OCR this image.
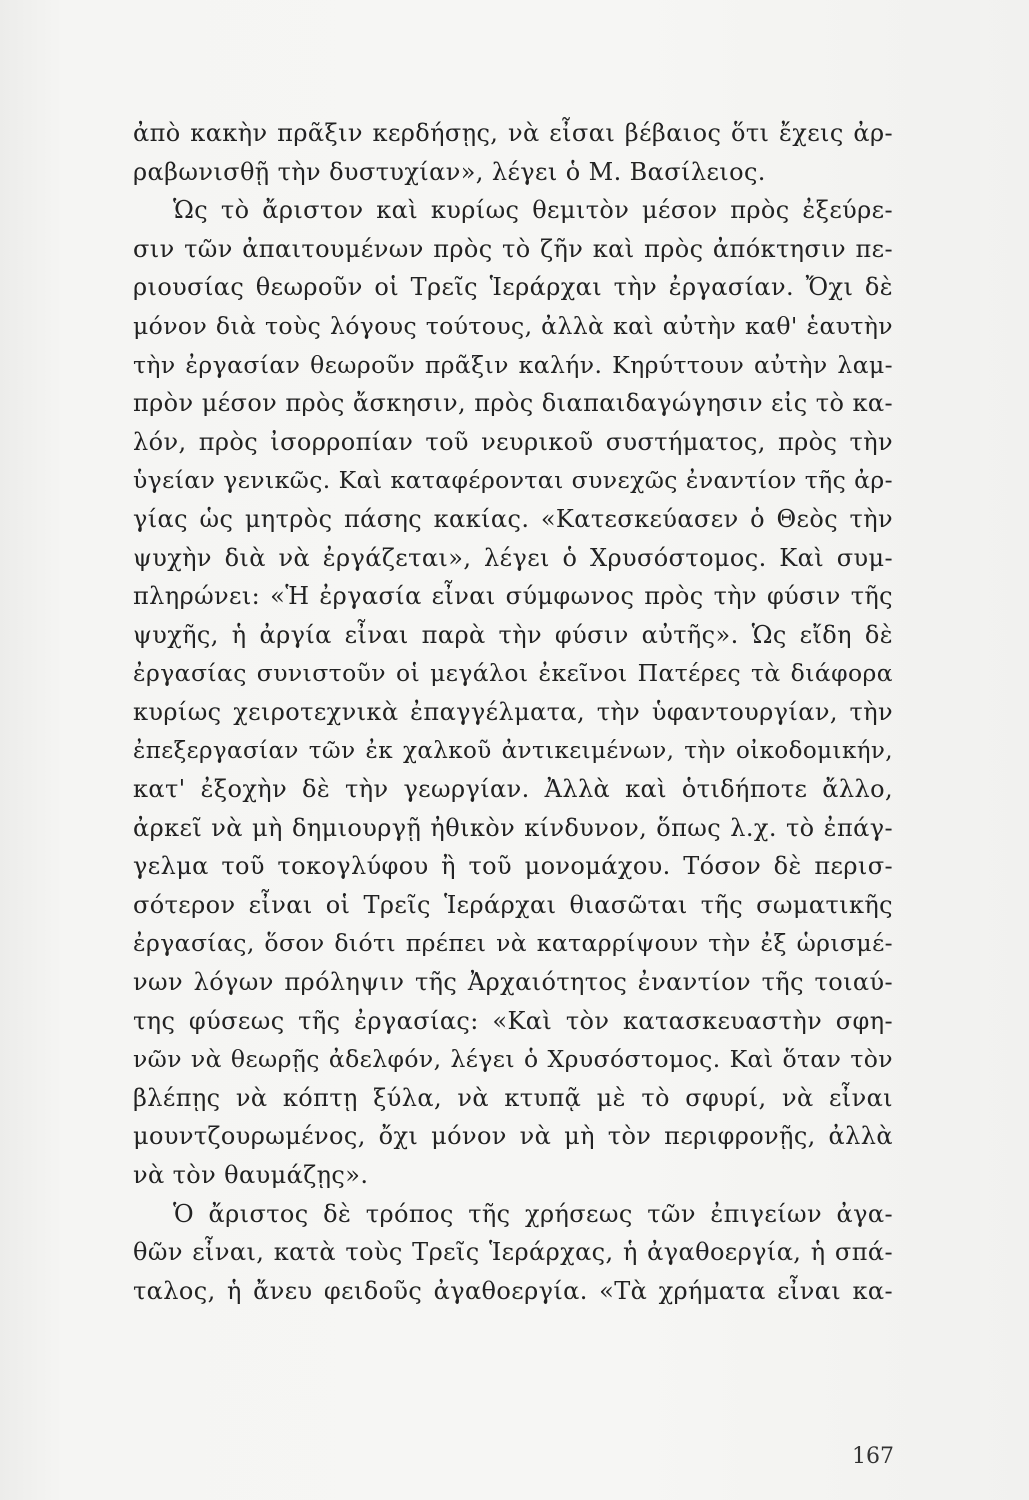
ἀπὸ κακὴν πρᾶξιν κερδήσῃς, νὰ εἶσαι βέβαιος ὅτι ἔχεις ἀρ-
ραβωνισθῇ τὴν δυστυχίαν», λέγει ὁ Μ. Βασίλειος.
Ὡς τὸ ἄριστον καὶ κυρίως θεμιτὸν μέσον πρὸς ἐξεύρε-
σιν τῶν ἀπαιτουμένων πρὸς τὸ ζῆν καὶ πρὸς ἀπόκτησιν πε-
ριουσίας θεωροῦν οἱ Τρεῖς Ἱεράρχαι τὴν ἐργασίαν. Ὄχι δὲ
μόνον διὰ τοὺς λόγους τούτους, ἀλλὰ καὶ αὐτὴν καθ' ἑαυτὴν
τὴν ἐργασίαν θεωροῦν πρᾶξιν καλήν. Κηρύττουν αὐτὴν λαμ-
πρὸν μέσον πρὸς ἄσκησιν, πρὸς διαπαιδαγώγησιν εἰς τὸ κα-
λόν, πρὸς ἰσορροπίαν τοῦ νευρικοῦ συστήματος, πρὸς τὴν
ὑγείαν γενικῶς. Καὶ καταφέρονται συνεχῶς ἐναντίον τῆς ἀρ-
γίας ὡς μητρὸς πάσης κακίας. «Κατεσκεύασεν ὁ Θεὸς τὴν
ψυχὴν διὰ νὰ ἐργάζεται», λέγει ὁ Χρυσόστομος. Καὶ συμ-
πληρώνει: «Ἡ ἐργασία εἶναι σύμφωνος πρὸς τὴν φύσιν τῆς
ψυχῆς, ἡ ἀργία εἶναι παρὰ τὴν φύσιν αὐτῆς». Ὡς εἴδη δὲ
ἐργασίας συνιστοῦν οἱ μεγάλοι ἐκεῖνοι Πατέρες τὰ διάφορα
κυρίως χειροτεχνικὰ ἐπαγγέλματα, τὴν ὑφαντουργίαν, τὴν
ἐπεξεργασίαν τῶν ἐκ χαλκοῦ ἀντικειμένων, τὴν οἰκοδομικήν,
κατ' ἐξοχὴν δὲ τὴν γεωργίαν. Ἀλλὰ καὶ ὁτιδήποτε ἄλλο,
ἀρκεῖ νὰ μὴ δημιουργῇ ἠθικὸν κίνδυνον, ὅπως λ.χ. τὸ ἐπάγ-
γελμα τοῦ τοκογλύφου ἢ τοῦ μονομάχου. Τόσον δὲ περισ-
σότερον εἶναι οἱ Τρεῖς Ἱεράρχαι θιασῶται τῆς σωματικῆς
ἐργασίας, ὅσον διότι πρέπει νὰ καταρρίψουν τὴν ἐξ ὡρισμέ-
νων λόγων πρόληψιν τῆς Ἀρχαιότητος ἐναντίον τῆς τοιαύ-
της φύσεως τῆς ἐργασίας: «Καὶ τὸν κατασκευαστὴν σφη-
νῶν νὰ θεωρῇς ἀδελφόν, λέγει ὁ Χρυσόστομος. Καὶ ὅταν τὸν
βλέπῃς νὰ κόπτῃ ξύλα, νὰ κτυπᾷ μὲ τὸ σφυρί, νὰ εἶναι
μουντζουρωμένος, ὄχι μόνον νὰ μὴ τὸν περιφρονῇς, ἀλλὰ
νὰ τὸν θαυμάζῃς».
Ὁ ἄριστος δὲ τρόπος τῆς χρήσεως τῶν ἐπιγείων ἀγα-
θῶν εἶναι, κατὰ τοὺς Τρεῖς Ἱεράρχας, ἡ ἀγαθοεργία, ἡ σπά-
ταλος, ἡ ἄνευ φειδοῦς ἀγαθοεργία. «Τὰ χρήματα εἶναι κα-
167
